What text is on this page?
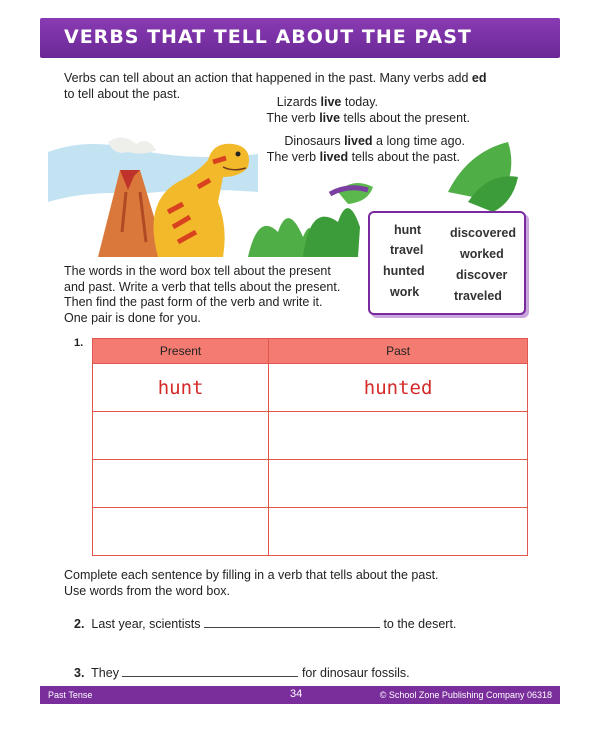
VERBS THAT TELL ABOUT THE PAST
Verbs can tell about an action that happened in the past. Many verbs add ed
to tell about the past.
Lizards live today.
The verb live tells about the present.
Dinosaurs lived a long time ago.
The verb lived tells about the past.
hunt
travel
hunted
work
discovered
worked
discover
traveled
The words in the word box tell about the present
and past. Write a verb that tells about the present.
Then find the past form of the verb and write it.
One pair is done for you.
1.
Present	Past
hunt	hunted

Complete each sentence by filling in a verb that tells about the past.
Use words from the word box.
2. Last year, scientists	to the desert.
3. They	for dinosaur fossils.
Past Tense	34	© School Zone Publishing Company 06318
